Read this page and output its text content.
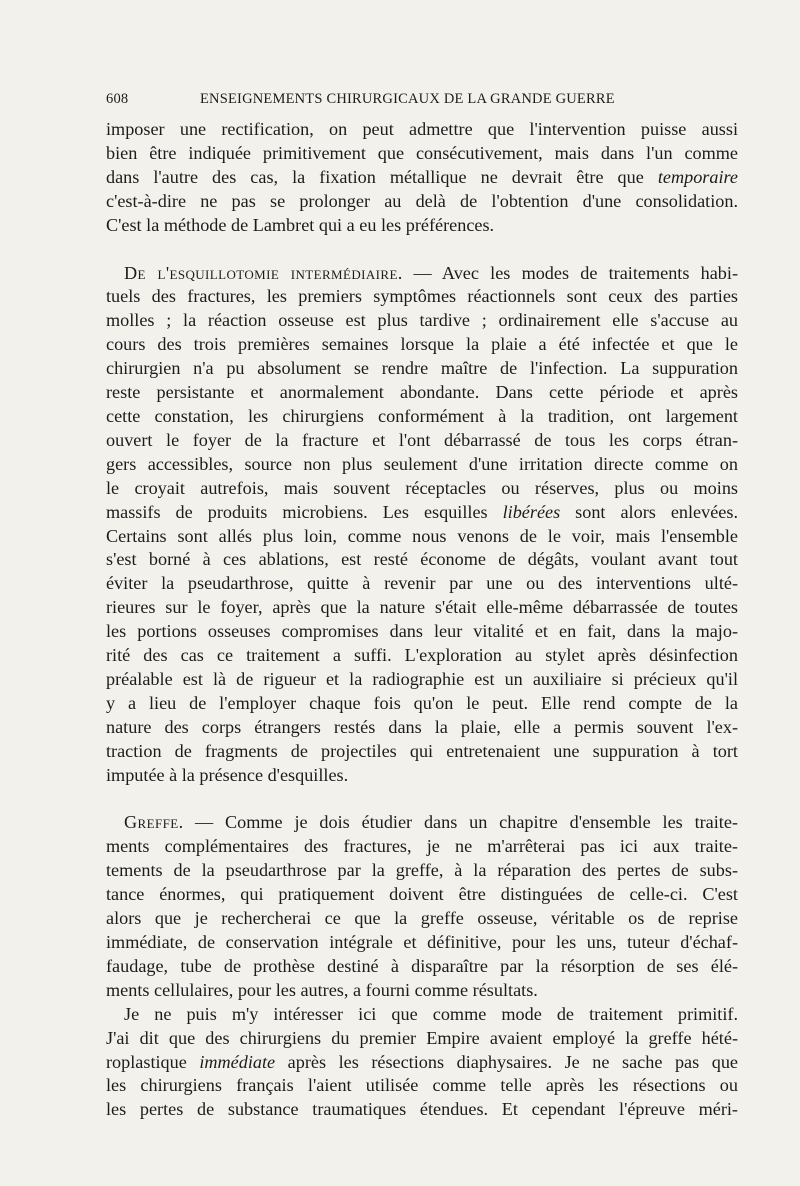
608	ENSEIGNEMENTS CHIRURGICAUX DE LA GRANDE GUERRE

imposer une rectification, on peut admettre que l'intervention puisse aussi
bien être indiquée primitivement que consécutivement, mais dans l'un comme
dans l'autre des cas, la fixation métallique ne devrait être que temporaire
c'est-à-dire ne pas se prolonger au delà de l'obtention d'une consolidation.
C'est la méthode de Lambret qui a eu les préférences.

De l'esquillotomie intermédiaire. — Avec les modes de traitements habi-
tuels des fractures, les premiers symptômes réactionnels sont ceux des parties
molles ; la réaction osseuse est plus tardive ; ordinairement elle s'accuse au
cours des trois premières semaines lorsque la plaie a été infectée et que le
chirurgien n'a pu absolument se rendre maître de l'infection. La suppuration
reste persistante et anormalement abondante. Dans cette période et après
cette constation, les chirurgiens conformément à la tradition, ont largement
ouvert le foyer de la fracture et l'ont débarrassé de tous les corps étran-
gers accessibles, source non plus seulement d'une irritation directe comme on
le croyait autrefois, mais souvent réceptacles ou réserves, plus ou moins
massifs de produits microbiens. Les esquilles libérées sont alors enlevées.
Certains sont allés plus loin, comme nous venons de le voir, mais l'ensemble
s'est borné à ces ablations, est resté économe de dégâts, voulant avant tout
éviter la pseudarthrose, quitte à revenir par une ou des interventions ulté-
rieures sur le foyer, après que la nature s'était elle-même débarrassée de toutes
les portions osseuses compromises dans leur vitalité et en fait, dans la majo-
rité des cas ce traitement a suffi. L'exploration au stylet après désinfection
préalable est là de rigueur et la radiographie est un auxiliaire si précieux qu'il
y a lieu de l'employer chaque fois qu'on le peut. Elle rend compte de la
nature des corps étrangers restés dans la plaie, elle a permis souvent l'ex-
traction de fragments de projectiles qui entretenaient une suppuration à tort
imputée à la présence d'esquilles.

Greffe. — Comme je dois étudier dans un chapitre d'ensemble les traite-
ments complémentaires des fractures, je ne m'arrêterai pas ici aux traite-
tements de la pseudarthrose par la greffe, à la réparation des pertes de subs-
tance énormes, qui pratiquement doivent être distinguées de celle-ci. C'est
alors que je rechercherai ce que la greffe osseuse, véritable os de reprise
immédiate, de conservation intégrale et définitive, pour les uns, tuteur d'échaf-
faudage, tube de prothèse destiné à disparaître par la résorption de ses élé-
ments cellulaires, pour les autres, a fourni comme résultats.

Je ne puis m'y intéresser ici que comme mode de traitement primitif.
J'ai dit que des chirurgiens du premier Empire avaient employé la greffe hété-
roplastique immédiate après les résections diaphysaires. Je ne sache pas que
les chirurgiens français l'aient utilisée comme telle après les résections ou
les pertes de substance traumatiques étendues. Et cependant l'épreuve méri-
